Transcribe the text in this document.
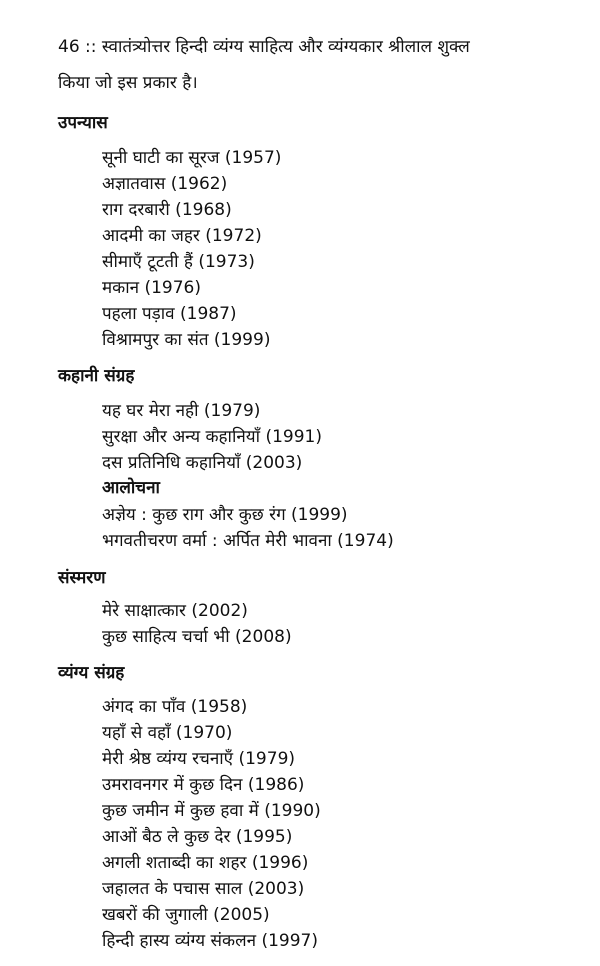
46 :: स्वातंत्र्योत्तर हिन्दी व्यंग्य साहित्य और व्यंग्यकार श्रीलाल शुक्ल
किया जो इस प्रकार है।
उपन्यास
सूनी घाटी का सूरज (1957)
अज्ञातवास (1962)
राग दरबारी (1968)
आदमी का जहर (1972)
सीमाएँ टूटती हैं (1973)
मकान (1976)
पहला पड़ाव (1987)
विश्रामपुर का संत (1999)
कहानी संग्रह
यह घर मेरा नही (1979)
सुरक्षा और अन्य कहानियाँ (1991)
दस प्रतिनिधि कहानियाँ (2003)
आलोचना
अज्ञेय : कुछ राग और कुछ रंग (1999)
भगवतीचरण वर्मा : अर्पित मेरी भावना (1974)
संस्मरण
मेरे साक्षात्कार (2002)
कुछ साहित्य चर्चा भी (2008)
व्यंग्य संग्रह
अंगद का पाँव (1958)
यहाँ से वहाँ (1970)
मेरी श्रेष्ठ व्यंग्य रचनाएँ (1979)
उमरावनगर में कुछ दिन (1986)
कुछ जमीन में कुछ हवा में (1990)
आओं बैठ ले कुछ देर (1995)
अगली शताब्दी का शहर (1996)
जहालत के पचास साल (2003)
खबरों की जुगाली (2005)
हिन्दी हास्य व्यंग्य संकलन (1997)
